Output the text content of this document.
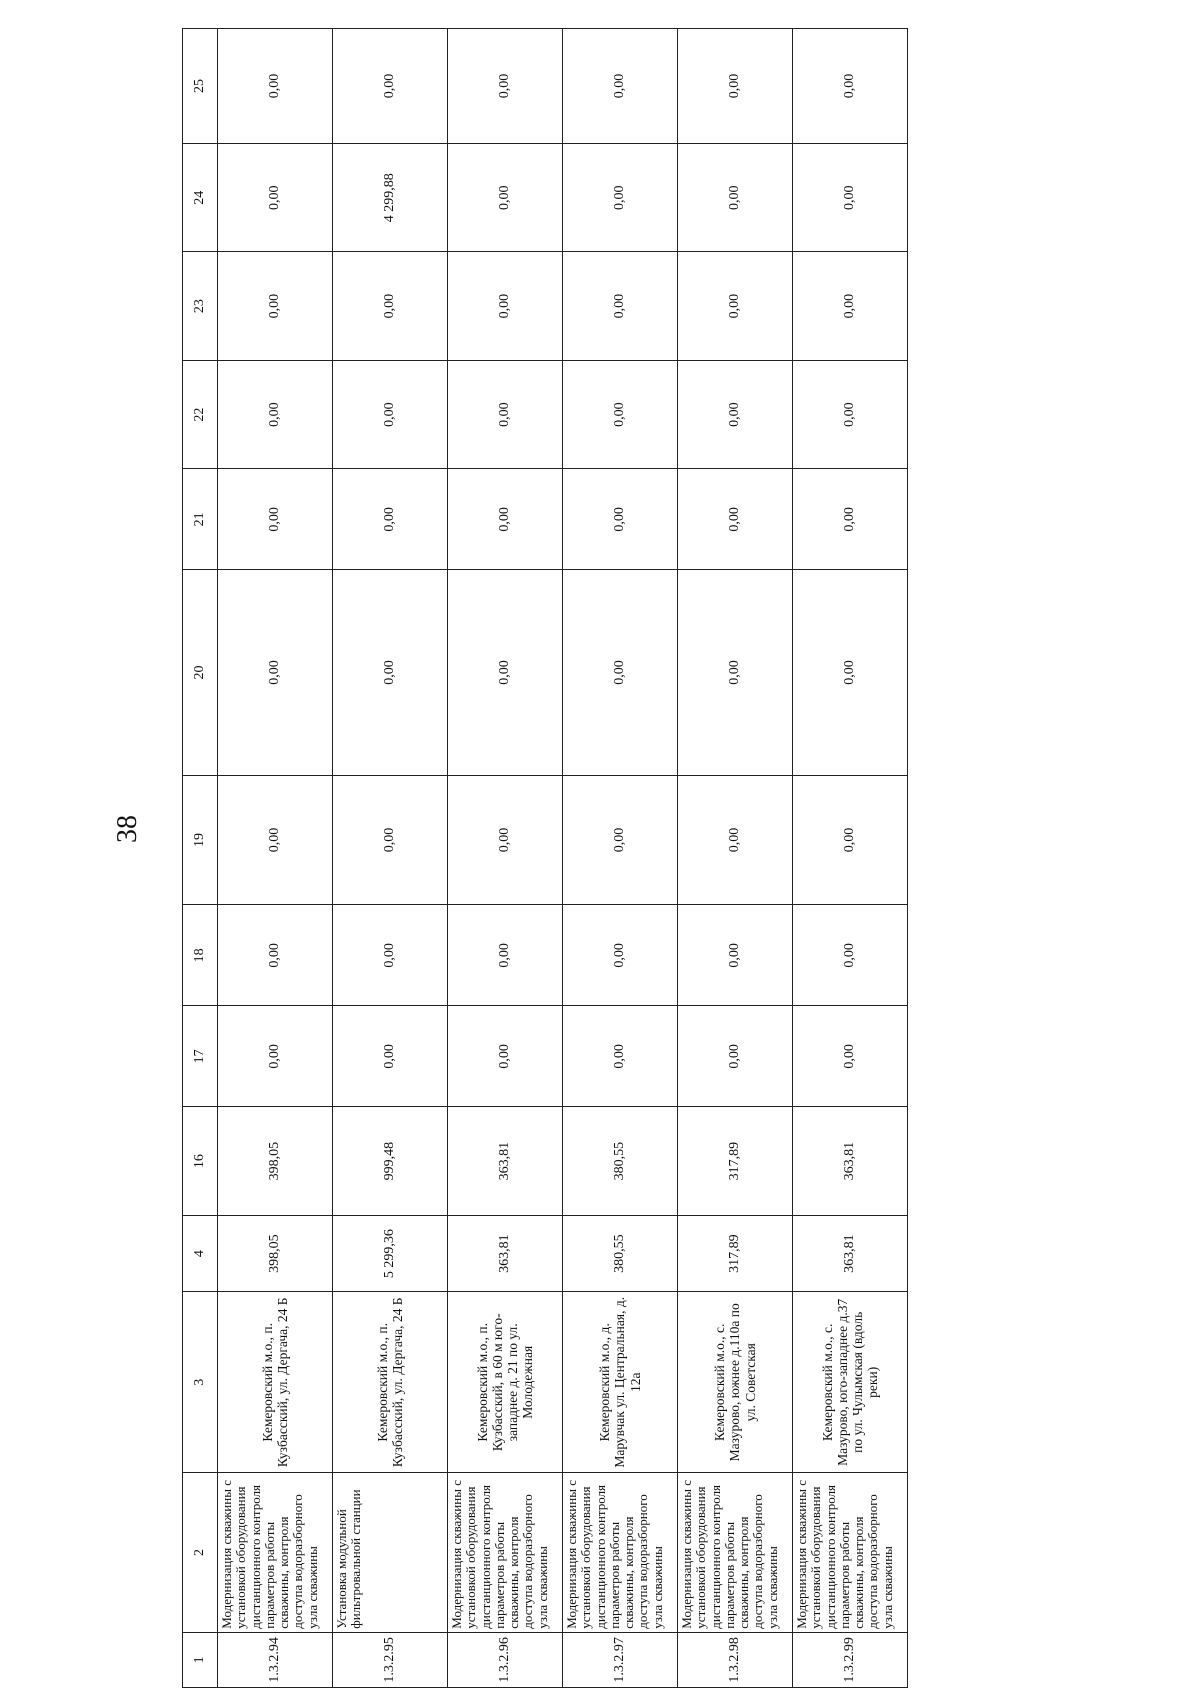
38
1	2	3	4	16	17	18	19	20	21	22	23	24	25
1.3.2.94	Модернизация скважины с установкой оборудования дистанционного контроля параметров работы скважины, контроля доступа водоразборного узла скважины	Кемеровский м.о., п. Кузбасский, ул. Дергача, 24 Б	398,05	398,05	0,00	0,00	0,00	0,00	0,00	0,00	0,00	0,00	0,00
1.3.2.95	Установка модульной фильтровальной станции	Кемеровский м.о., п. Кузбасский, ул. Дергача, 24 Б	5 299,36	999,48	0,00	0,00	0,00	0,00	0,00	0,00	0,00	4 299,88	0,00
1.3.2.96	Модернизация скважины с установкой оборудования дистанционного контроля параметров работы скважины, контроля доступа водоразборного узла скважины	Кемеровский м.о., п. Кузбасский, в 60 м юго-западнее д. 21 по ул. Молодежная	363,81	363,81	0,00	0,00	0,00	0,00	0,00	0,00	0,00	0,00	0,00
1.3.2.97	Модернизация скважины с установкой оборудования дистанционного контроля параметров работы скважины, контроля доступа водоразборного узла скважины	Кемеровский м.о., д. Марувчак ул. Центральная, д. 12а	380,55	380,55	0,00	0,00	0,00	0,00	0,00	0,00	0,00	0,00	0,00
1.3.2.98	Модернизация скважины с установкой оборудования дистанционного контроля параметров работы скважины, контроля доступа водоразборного узла скважины	Кемеровский м.о., с. Мазурово, южнее д.110а по ул. Советская	317,89	317,89	0,00	0,00	0,00	0,00	0,00	0,00	0,00	0,00	0,00
1.3.2.99	Модернизация скважины с установкой оборудования дистанционного контроля параметров работы скважины, контроля доступа водоразборного узла скважины	Кемеровский м.о., с. Мазурово, юго-западнее д.37 по ул. Чулымская (вдоль реки)	363,81	363,81	0,00	0,00	0,00	0,00	0,00	0,00	0,00	0,00	0,00
